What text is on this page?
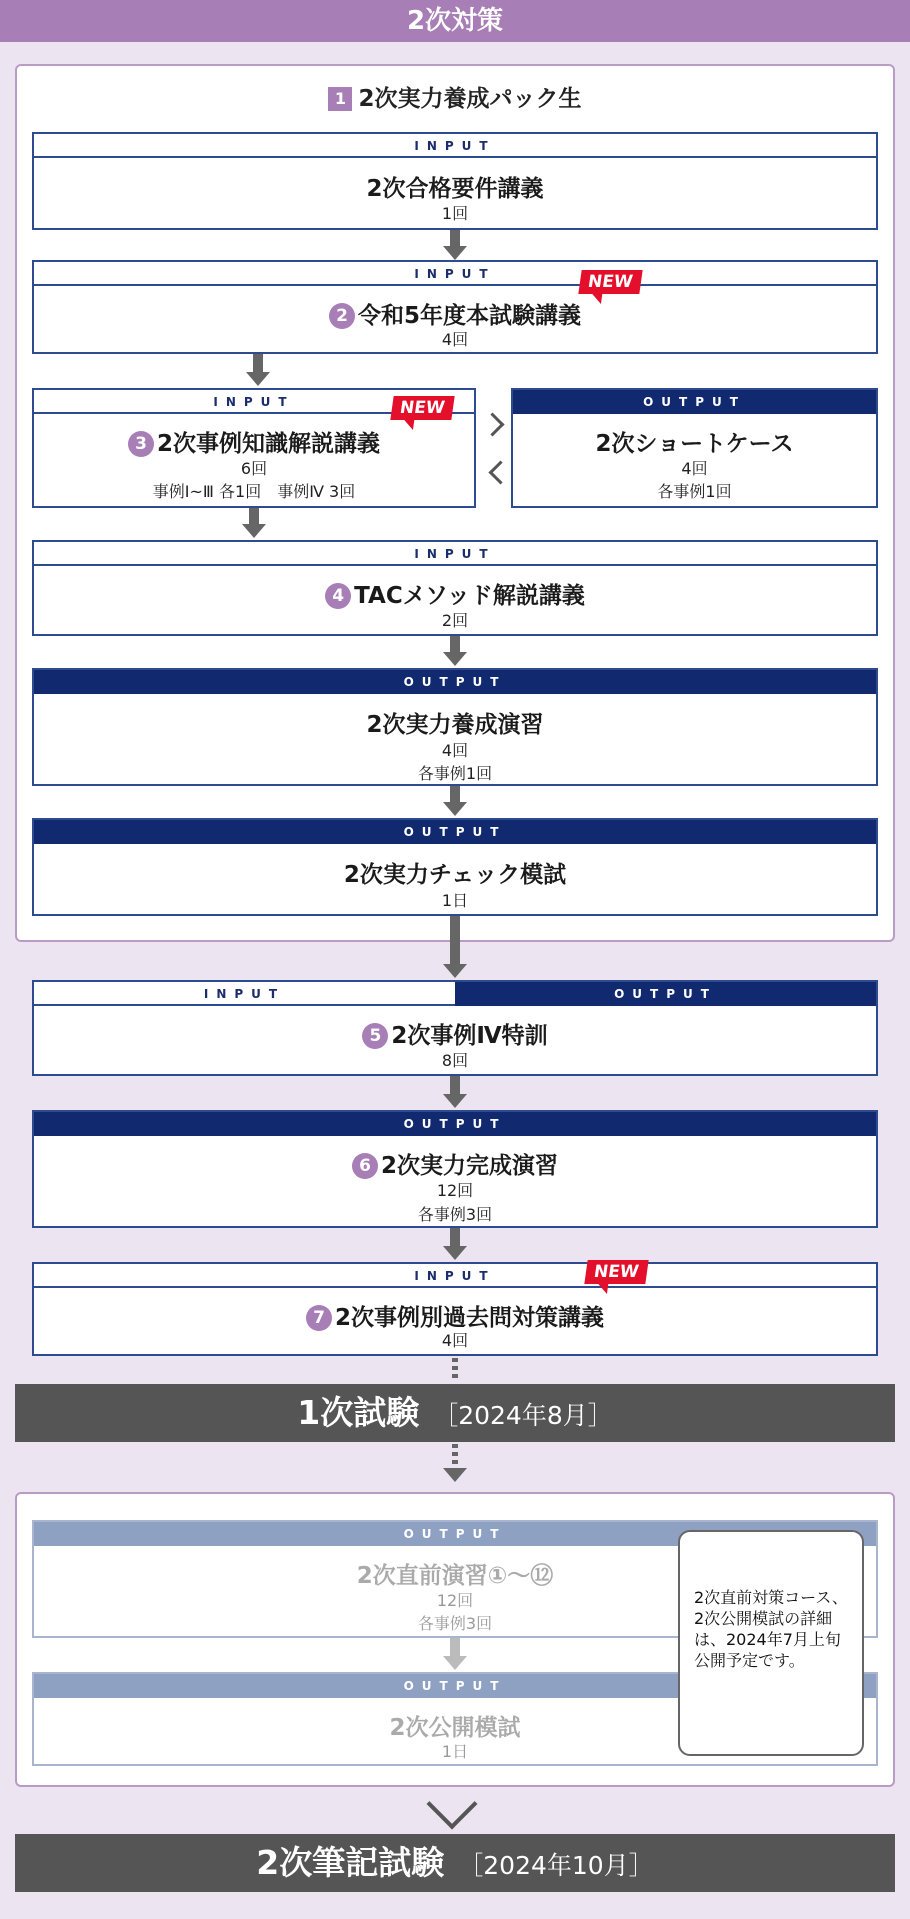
2次対策
1 2次実力養成パック生
INPUT
2次合格要件講義
1回
INPUT
2 令和5年度本試験講義
4回
NEW
INPUT
3 2次事例知識解説講義
6回
事例Ⅰ~Ⅲ 各1回　事例Ⅳ 3回
NEW	OUTPUT
2次ショートケース
4回
各事例1回
INPUT
4 TACメソッド解説講義
2回
OUTPUT
2次実力養成演習
4回
各事例1回
OUTPUT
2次実力チェック模試
1日
INPUT	OUTPUT
5 2次事例Ⅳ特訓
8回
OUTPUT
6 2次実力完成演習
12回
各事例3回
INPUT
7 2次事例別過去問対策講義
4回
NEW
1次試験 ［2024年8月］
OUTPUT
2次直前演習①～⑫
12回
各事例3回
OUTPUT
2次公開模試
1日
2次直前対策コース、2次公開模試の詳細は、2024年7月上旬公開予定です。
2次筆記試験 ［2024年10月］
